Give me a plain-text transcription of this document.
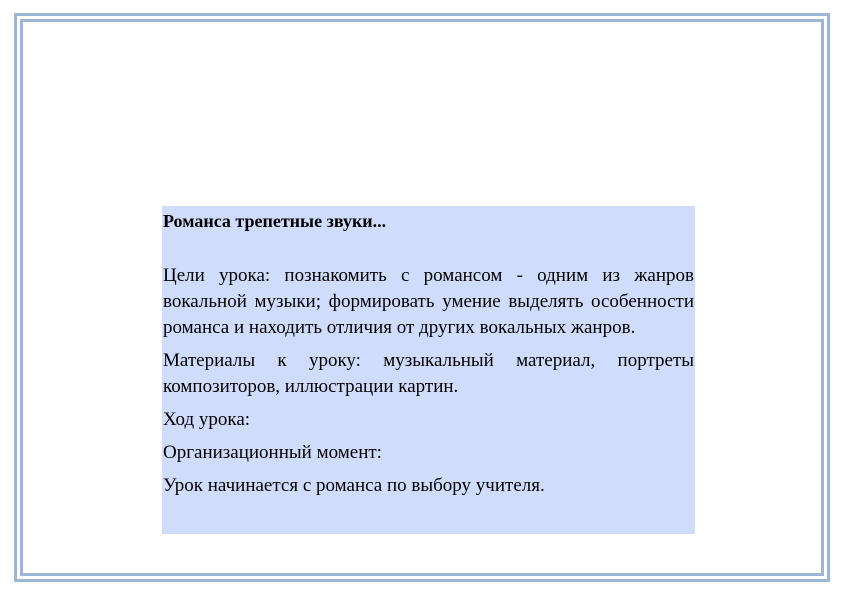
Романса трепетные звуки...

Цели урока: познакомить с романсом - одним из жанров вокальной музыки; формировать умение выделять особенности романса и находить отличия от других вокальных жанров.

Материалы к уроку: музыкальный материал, портреты композиторов, иллюстрации картин.

Ход урока:

Организационный момент:

Урок начинается с романса по выбору учителя.
